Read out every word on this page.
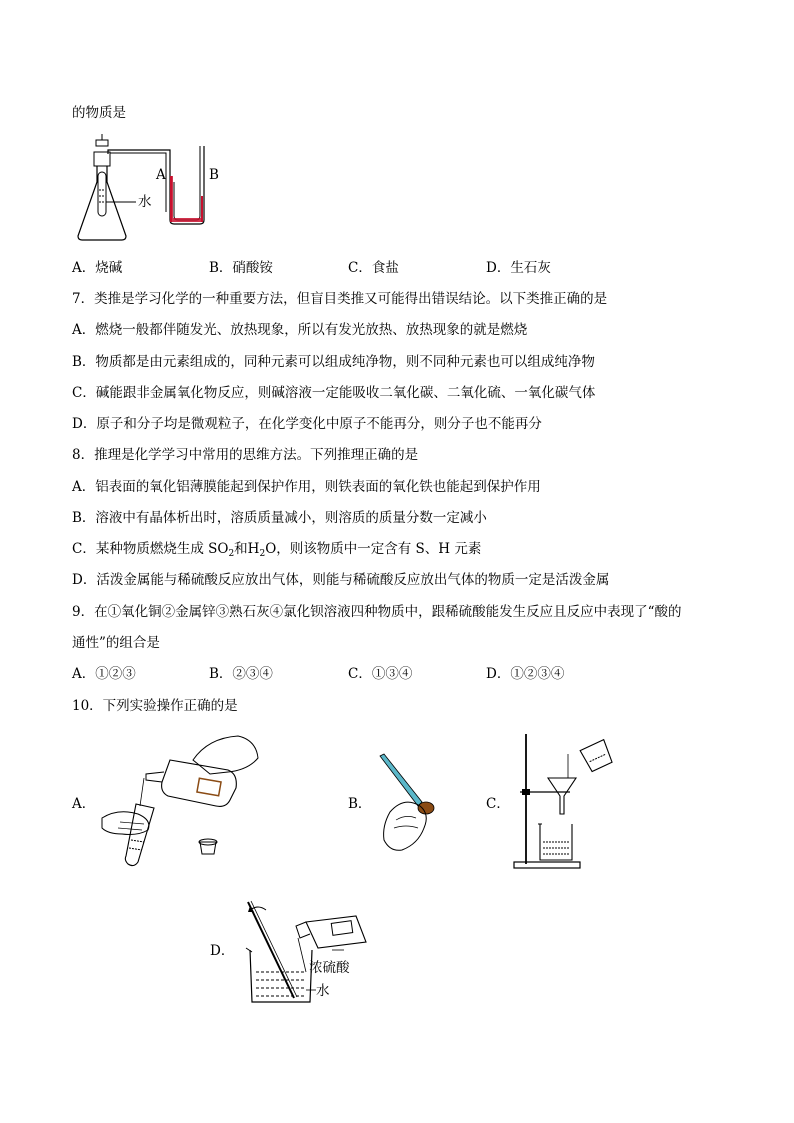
的物质是
A	B
水
A．烧碱	B．硝酸铵	C．食盐	D．生石灰
7．类推是学习化学的一种重要方法，但盲目类推又可能得出错误结论。以下类推正确的是
A．燃烧一般都伴随发光、放热现象，所以有发光放热、放热现象的就是燃烧
B．物质都是由元素组成的，同种元素可以组成纯净物，则不同种元素也可以组成纯净物
C．碱能跟非金属氧化物反应，则碱溶液一定能吸收二氧化碳、二氧化硫、一氧化碳气体
D．原子和分子均是微观粒子，在化学变化中原子不能再分，则分子也不能再分
8．推理是化学学习中常用的思维方法。下列推理正确的是
A．铝表面的氧化铝薄膜能起到保护作用，则铁表面的氧化铁也能起到保护作用
B．溶液中有晶体析出时，溶质质量减小，则溶质的质量分数一定减小
C．某种物质燃烧生成 $SO_2$和$H_2O$，则该物质中一定含有 S、H 元素
D．活泼金属能与稀硫酸反应放出气体，则能与稀硫酸反应放出气体的物质一定是活泼金属
9．在①氧化铜②金属锌③熟石灰④氯化钡溶液四种物质中，跟稀硫酸能发生反应且反应中表现了“酸的
通性”的组合是
A．①②③	B．②③④	C．①③④	D．①②③④
10．下列实验操作正确的是
A．	B．	C．
D．
浓硫酸
水
